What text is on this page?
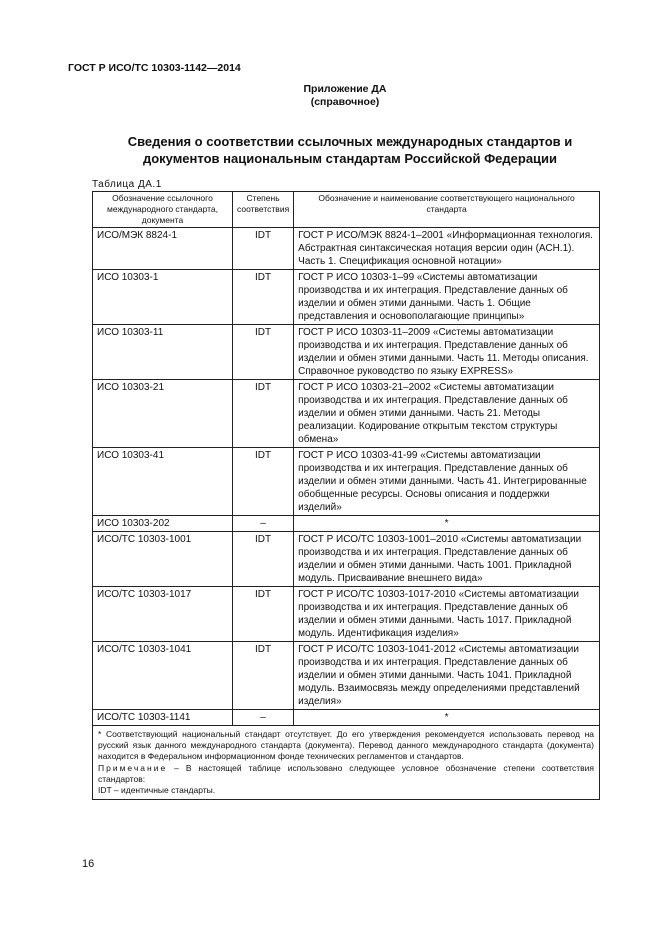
ГОСТ Р ИСО/ТС 10303-1142—2014
Приложение ДА
(справочное)
Сведения о соответствии ссылочных международных стандартов и
документов национальным стандартам Российской Федерации
Таблица ДА.1
Обозначение ссылочного международного стандарта, документа	Степень соответствия	Обозначение и наименование соответствующего национального стандарта
ИСО/МЭК 8824-1	IDT	ГОСТ Р ИСО/МЭК 8824-1–2001 «Информационная технология. Абстрактная синтаксическая нотация версии один (АСН.1). Часть 1. Спецификация основной нотации»
ИСО 10303-1	IDT	ГОСТ Р ИСО 10303-1–99 «Системы автоматизации производства и их интеграция. Представление данных об изделии и обмен этими данными. Часть 1. Общие представления и основополагающие принципы»
ИСО 10303-11	IDT	ГОСТ Р ИСО 10303-11–2009 «Системы автоматизации производства и их интеграция. Представление данных об изделии и обмен этими данными. Часть 11. Методы описания. Справочное руководство по языку EXPRESS»
ИСО 10303-21	IDT	ГОСТ Р ИСО 10303-21–2002 «Системы автоматизации производства и их интеграция. Представление данных об изделии и обмен этими данными. Часть 21. Методы реализации. Кодирование открытым текстом структуры обмена»
ИСО 10303-41	IDT	ГОСТ Р ИСО 10303-41-99 «Системы автоматизации производства и их интеграция. Представление данных об изделии и обмен этими данными. Часть 41. Интегрированные обобщенные ресурсы. Основы описания и поддержки изделий»
ИСО 10303-202	–	*
ИСО/ТС 10303-1001	IDT	ГОСТ Р ИСО/ТС 10303-1001–2010 «Системы автоматизации производства и их интеграция. Представление данных об изделии и обмен этими данными. Часть 1001. Прикладной модуль. Присваивание внешнего вида»
ИСО/ТС 10303-1017	IDT	ГОСТ Р ИСО/ТС 10303-1017-2010 «Системы автоматизации производства и их интеграция. Представление данных об изделии и обмен этими данными. Часть 1017. Прикладной модуль. Идентификация изделия»
ИСО/ТС 10303-1041	IDT	ГОСТ Р ИСО/ТС 10303-1041-2012 «Системы автоматизации производства и их интеграция. Представление данных об изделии и обмен этими данными. Часть 1041. Прикладной модуль. Взаимосвязь между определениями представлений изделия»
ИСО/ТС 10303-1141	–	*

* Соответствующий национальный стандарт отсутствует. До его утверждения рекомендуется использовать перевод на русский язык данного международного стандарта (документа). Перевод данного международного стандарта (документа) находится в Федеральном информационном фонде технических регламентов и стандартов.
Примечание – В настоящей таблице использовано следующее условное обозначение степени соответствия стандартов:
IDT – идентичные стандарты.		
16
